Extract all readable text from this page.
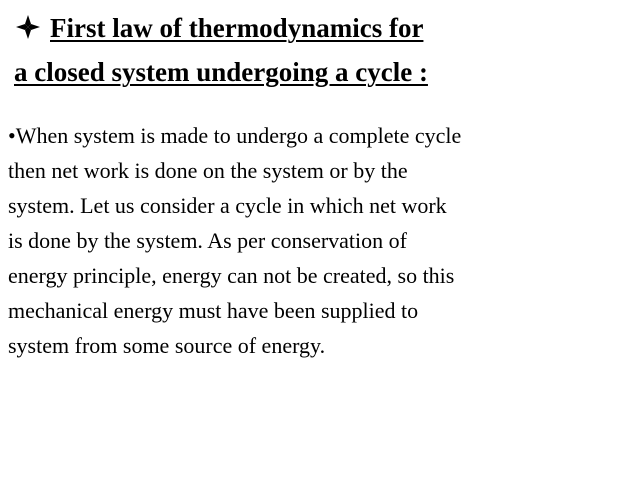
First law of thermodynamics for
a closed system undergoing a cycle :

•When system is made to undergo a complete cycle
then net work is done on the system or by the
system. Let us consider a cycle in which net work
is done by the system. As per conservation of
energy principle, energy can not be created, so this
mechanical energy must have been supplied to
system from some source of energy.
